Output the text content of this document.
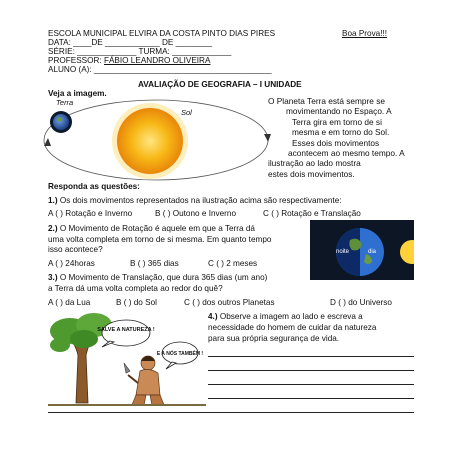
ESCOLA MUNICIPAL ELVIRA DA COSTA PINTO DIAS PIRES	Boa Prova!!!
DATA: ____DE ____________ DE ________
SÉRIE: _____________ TURMA: _____________
PROFESSOR: FÁBIO LEANDRO OLIVEIRA
ALUNO (A): _______________________________________
AVALIAÇÃO DE GEOGRAFIA – I UNIDADE
Veja a imagem.
Terra
Sol
O Planeta Terra está sempre se
movimentando no Espaço. A
Terra gira em torno de si
mesma e em torno do Sol.
Esses dois movimentos
acontecem ao mesmo tempo. A
ilustração ao lado mostra
estes dois movimentos.
Responda as questões:
1.) Os dois movimentos representados na ilustração acima são respectivamente:
A ( ) Rotação e Inverno	B ( ) Outono e Inverno	C ( ) Rotação e Translação
2.) O Movimento de Rotação é aquele em que a Terra dá
uma volta completa em torno de si mesma. Em quanto tempo
isso acontece?
A ( ) 24horas	B ( ) 365 dias	C ( ) 2 meses
noite	dia
3.) O Movimento de Translação, que dura 365 dias (um ano)
a Terra dá uma volta completa ao redor do quê?
A ( ) da Lua	B ( ) do Sol	C ( ) dos outros Planetas	D ( ) do Universo
SALVE A NATUREZA !
E A NÓS TAMBÉM !
4.) Observe a imagem ao lado e escreva a
necessidade do homem de cuidar da natureza
para sua própria segurança de vida.
